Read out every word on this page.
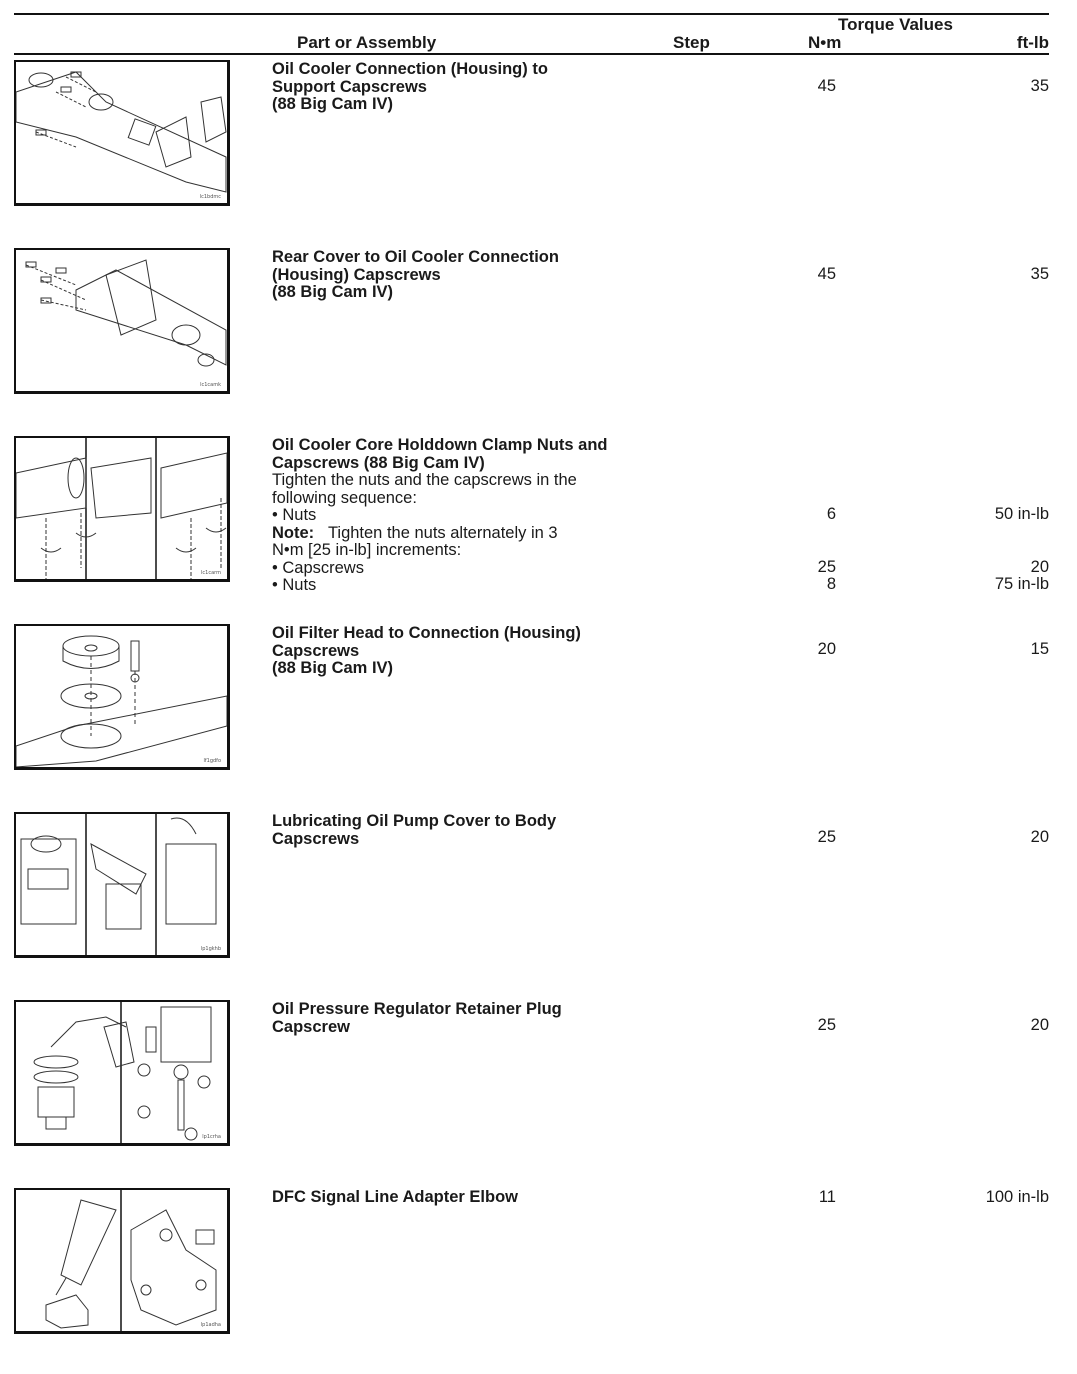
Torque Values
Part or Assembly	Step	N•m	ft-lb
lc1bdmc
Oil Cooler Connection (Housing) to
Support Capscrews
(88 Big Cam IV)
45	35
lc1camk
Rear Cover to Oil Cooler Connection
(Housing) Capscrews
(88 Big Cam IV)
45	35
lc1carm
Oil Cooler Core Holddown Clamp Nuts and
Capscrews (88 Big Cam IV)
Tighten the nuts and the capscrews in the
following sequence:
• Nuts
Note: Tighten the nuts alternately in 3
N•m [25 in-lb] increments:
• Capscrews
• Nuts
6	50 in-lb
25	20
8	75 in-lb
lf1gdfo
Oil Filter Head to Connection (Housing)
Capscrews
(88 Big Cam IV)
20	15
lp1gkhb
Lubricating Oil Pump Cover to Body
Capscrews	25	20
lp1crha
Oil Pressure Regulator Retainer Plug
Capscrew	25	20
lp1adha
DFC Signal Line Adapter Elbow	11	100 in-lb
